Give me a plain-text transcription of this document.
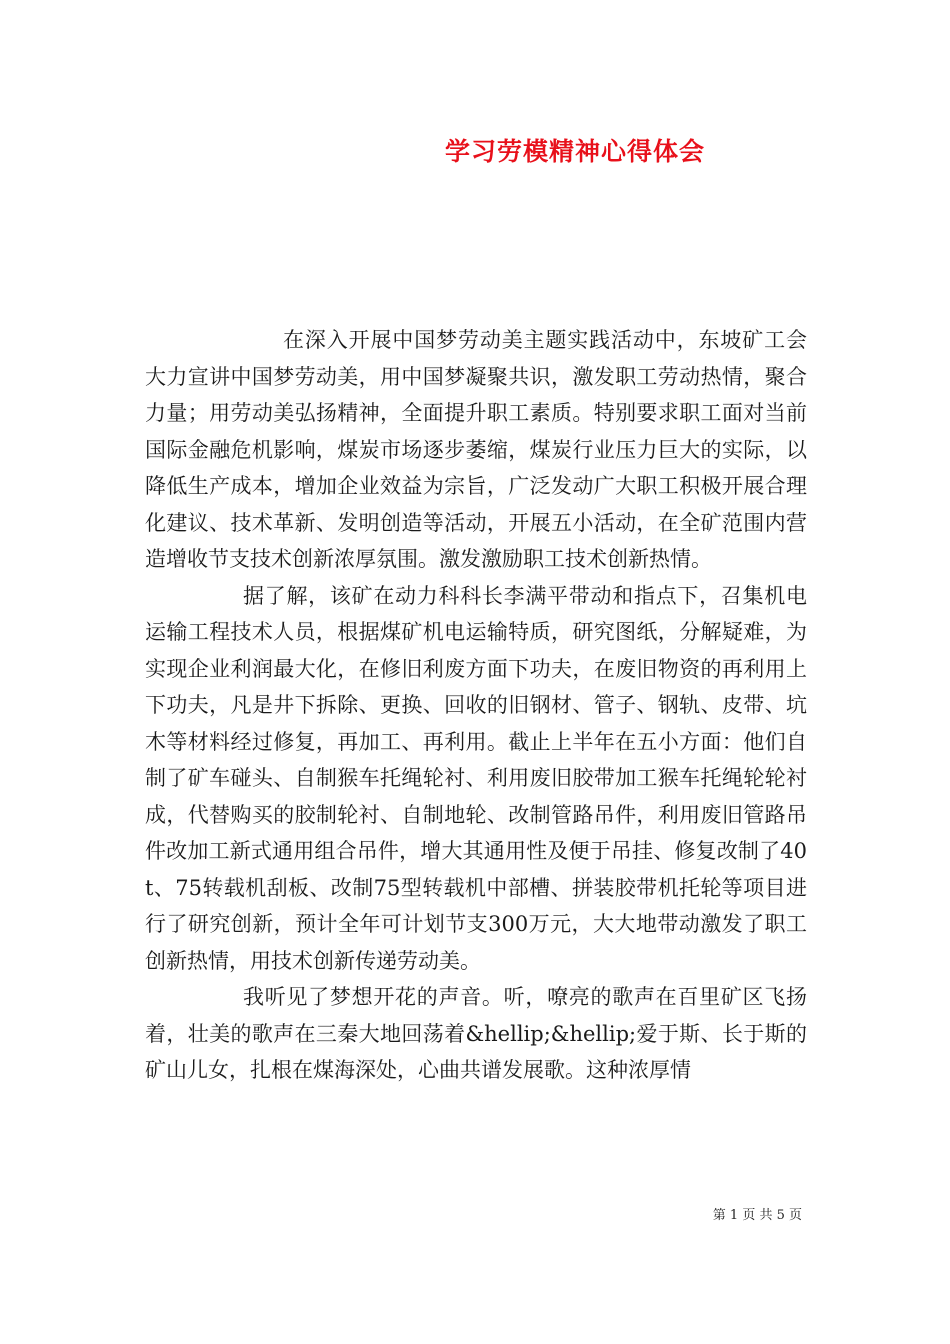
学习劳模精神心得体会

在深入开展中国梦劳动美主题实践活动中，东坡矿工会大力宣讲中国梦劳动美，用中国梦凝聚共识，激发职工劳动热情，聚合力量；用劳动美弘扬精神，全面提升职工素质。特别要求职工面对当前国际金融危机影响，煤炭市场逐步萎缩，煤炭行业压力巨大的实际，以降低生产成本，增加企业效益为宗旨，广泛发动广大职工积极开展合理化建议、技术革新、发明创造等活动，开展五小活动，在全矿范围内营造增收节支技术创新浓厚氛围。激发激励职工技术创新热情。

据了解，该矿在动力科科长李满平带动和指点下，召集机电运输工程技术人员，根据煤矿机电运输特质，研究图纸，分解疑难，为实现企业利润最大化，在修旧利废方面下功夫，在废旧物资的再利用上下功夫，凡是井下拆除、更换、回收的旧钢材、管子、钢轨、皮带、坑木等材料经过修复，再加工、再利用。截止上半年在五小方面：他们自制了矿车碰头、自制猴车托绳轮衬、利用废旧胶带加工猴车托绳轮轮衬成，代替购买的胶制轮衬、自制地轮、改制管路吊件，利用废旧管路吊件改加工新式通用组合吊件，增大其通用性及便于吊挂、修复改制了40t、75转载机刮板、改制75型转载机中部槽、拼装胶带机托轮等项目进行了研究创新，预计全年可计划节支300万元，大大地带动激发了职工创新热情，用技术创新传递劳动美。

我听见了梦想开花的声音。听，嘹亮的歌声在百里矿区飞扬着，壮美的歌声在三秦大地回荡着&hellip;&hellip;爱于斯、长于斯的矿山儿女，扎根在煤海深处，心曲共谱发展歌。这种浓厚情

第 1 页 共 5 页
